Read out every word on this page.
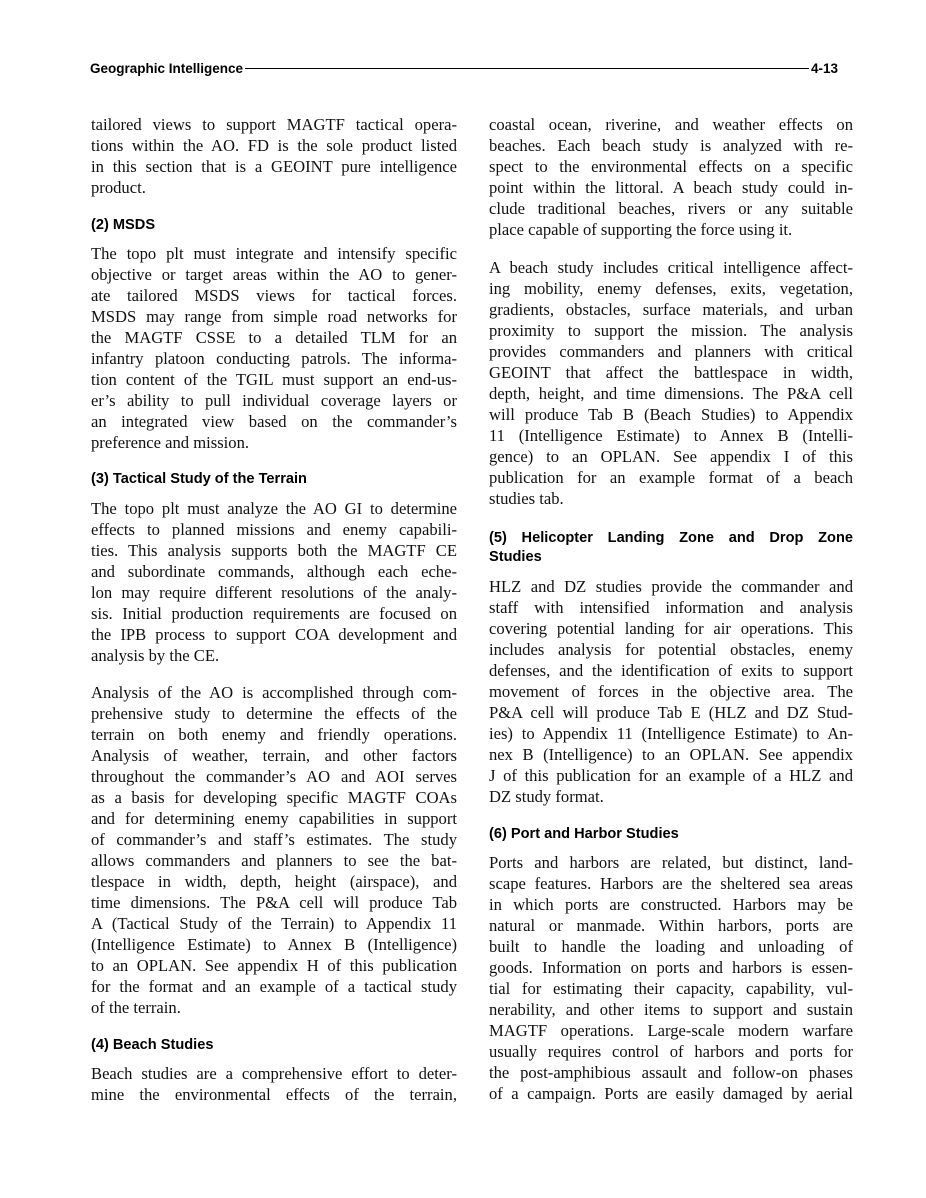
Geographic Intelligence	4-13
tailored views to support MAGTF tactical opera-
tions within the AO. FD is the sole product listed
in this section that is a GEOINT pure intelligence
product.
(2) MSDS
The topo plt must integrate and intensify specific
objective or target areas within the AO to gener-
ate tailored MSDS views for tactical forces.
MSDS may range from simple road networks for
the MAGTF CSSE to a detailed TLM for an
infantry platoon conducting patrols. The informa-
tion content of the TGIL must support an end-us-
er’s ability to pull individual coverage layers or
an integrated view based on the commander’s
preference and mission.
(3) Tactical Study of the Terrain
The topo plt must analyze the AO GI to determine
effects to planned missions and enemy capabili-
ties. This analysis supports both the MAGTF CE
and subordinate commands, although each eche-
lon may require different resolutions of the analy-
sis. Initial production requirements are focused on
the IPB process to support COA development and
analysis by the CE.
Analysis of the AO is accomplished through com-
prehensive study to determine the effects of the
terrain on both enemy and friendly operations.
Analysis of weather, terrain, and other factors
throughout the commander’s AO and AOI serves
as a basis for developing specific MAGTF COAs
and for determining enemy capabilities in support
of commander’s and staff’s estimates. The study
allows commanders and planners to see the bat-
tlespace in width, depth, height (airspace), and
time dimensions. The P&A cell will produce Tab
A (Tactical Study of the Terrain) to Appendix 11
(Intelligence Estimate) to Annex B (Intelligence)
to an OPLAN. See appendix H of this publication
for the format and an example of a tactical study
of the terrain.
(4) Beach Studies
Beach studies are a comprehensive effort to deter-
mine the environmental effects of the terrain,
coastal ocean, riverine, and weather effects on
beaches. Each beach study is analyzed with re-
spect to the environmental effects on a specific
point within the littoral. A beach study could in-
clude traditional beaches, rivers or any suitable
place capable of supporting the force using it.
A beach study includes critical intelligence affect-
ing mobility, enemy defenses, exits, vegetation,
gradients, obstacles, surface materials, and urban
proximity to support the mission. The analysis
provides commanders and planners with critical
GEOINT that affect the battlespace in width,
depth, height, and time dimensions. The P&A cell
will produce Tab B (Beach Studies) to Appendix
11 (Intelligence Estimate) to Annex B (Intelli-
gence) to an OPLAN. See appendix I of this
publication for an example format of a beach
studies tab.
(5) Helicopter Landing Zone and Drop Zone
Studies
HLZ and DZ studies provide the commander and
staff with intensified information and analysis
covering potential landing for air operations. This
includes analysis for potential obstacles, enemy
defenses, and the identification of exits to support
movement of forces in the objective area. The
P&A cell will produce Tab E (HLZ and DZ Stud-
ies) to Appendix 11 (Intelligence Estimate) to An-
nex B (Intelligence) to an OPLAN. See appendix
J of this publication for an example of a HLZ and
DZ study format.
(6) Port and Harbor Studies
Ports and harbors are related, but distinct, land-
scape features. Harbors are the sheltered sea areas
in which ports are constructed. Harbors may be
natural or manmade. Within harbors, ports are
built to handle the loading and unloading of
goods. Information on ports and harbors is essen-
tial for estimating their capacity, capability, vul-
nerability, and other items to support and sustain
MAGTF operations. Large-scale modern warfare
usually requires control of harbors and ports for
the post-amphibious assault and follow-on phases
of a campaign. Ports are easily damaged by aerial
